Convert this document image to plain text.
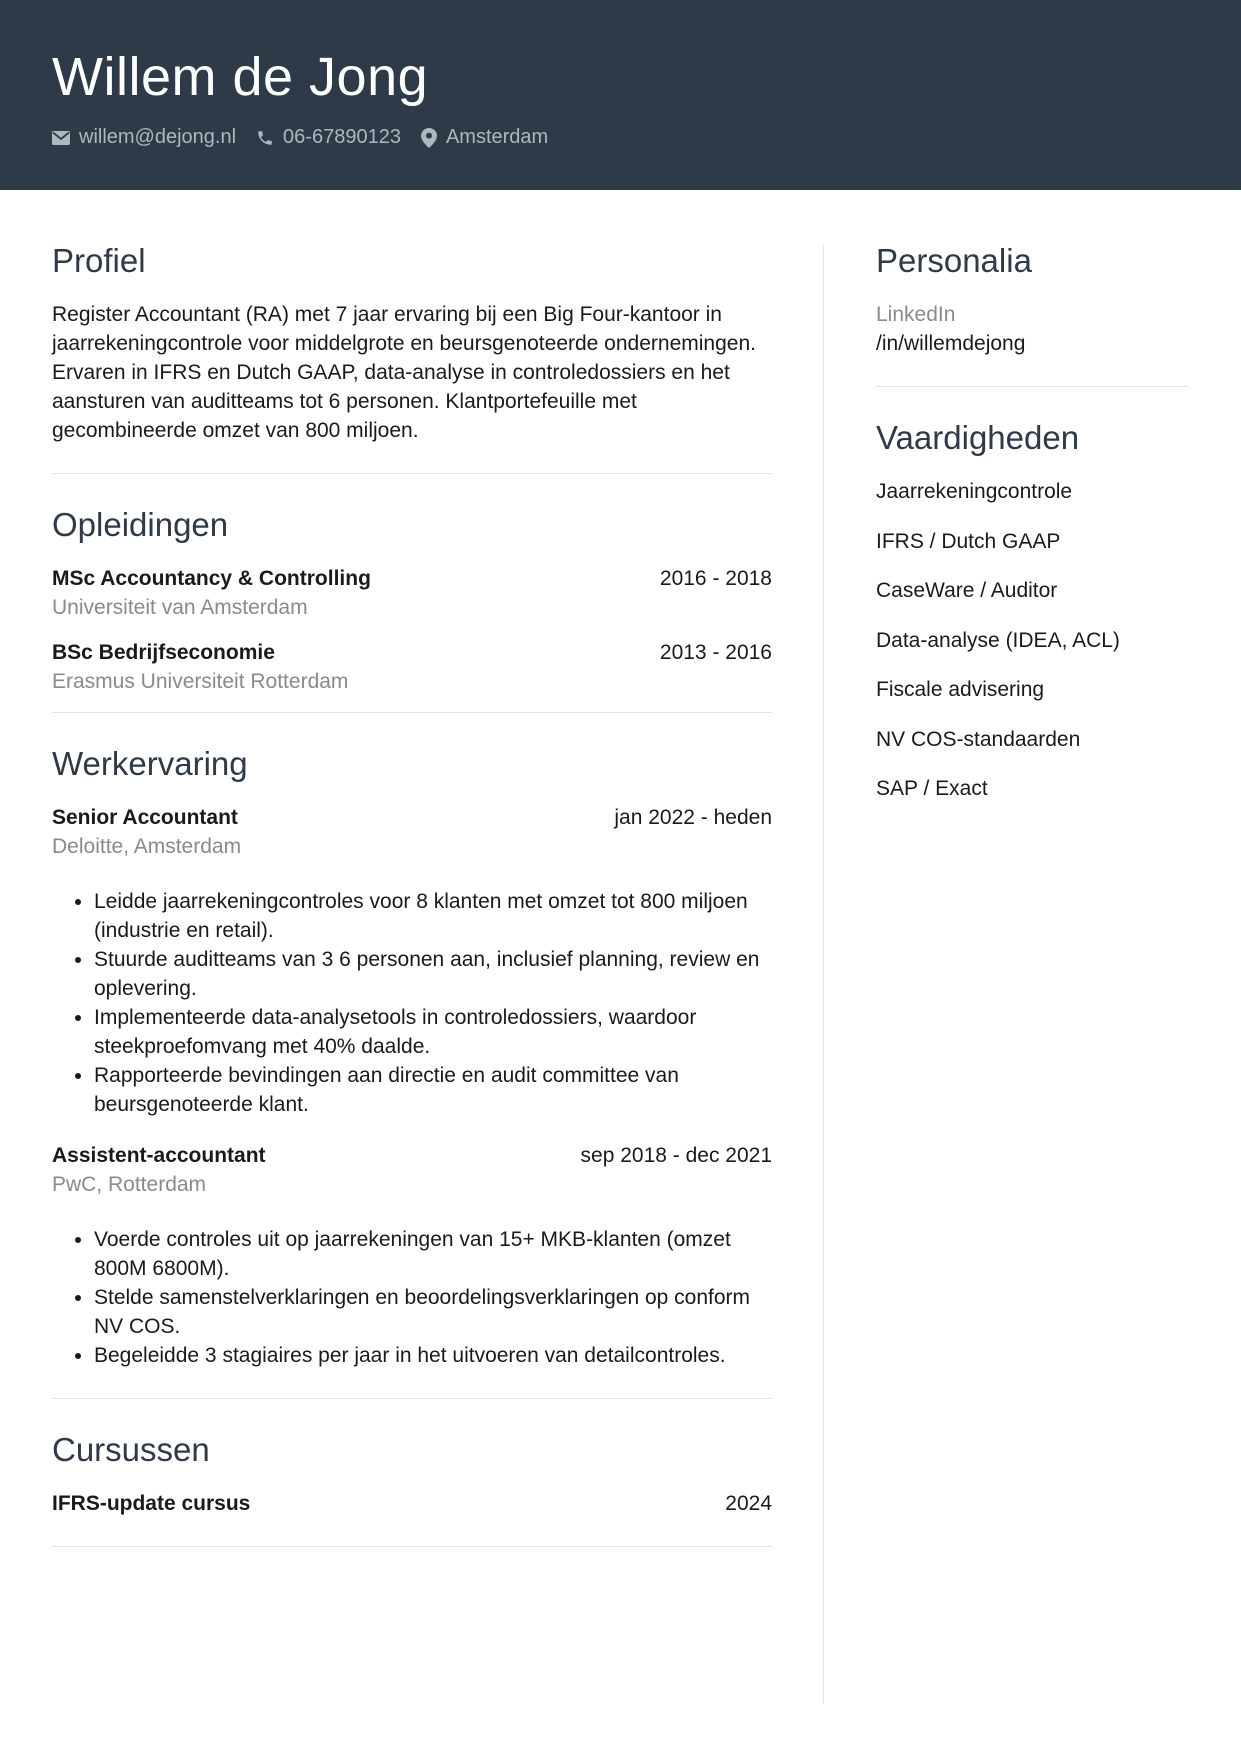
Willem de Jong
willem@dejong.nl 06-67890123 Amsterdam
Profiel

Register Accountant (RA) met 7 jaar ervaring bij een Big Four-kantoor in jaarrekeningcontrole voor middelgrote en beursgenoteerde ondernemingen. Ervaren in IFRS en Dutch GAAP, data-analyse in controledossiers en het aansturen van auditteams tot 6 personen. Klantportefeuille met gecombineerde omzet van 800 miljoen.

Opleidingen
MSc Accountancy & Controlling	2016 - 2018
Universiteit van Amsterdam
BSc Bedrijfseconomie	2013 - 2016
Erasmus Universiteit Rotterdam
Werkervaring
Senior Accountant	jan 2022 - heden
Deloitte, Amsterdam
• Leidde jaarrekeningcontroles voor 8 klanten met omzet tot 800 miljoen (industrie en retail).
• Stuurde auditteams van 3 6 personen aan, inclusief planning, review en oplevering.
• Implementeerde data-analysetools in controledossiers, waardoor steekproefomvang met 40% daalde.
• Rapporteerde bevindingen aan directie en audit committee van beursgenoteerde klant.
Assistent-accountant	sep 2018 - dec 2021
PwC, Rotterdam
• Voerde controles uit op jaarrekeningen van 15+ MKB-klanten (omzet 800M 6800M).
• Stelde samenstelverklaringen en beoordelingsverklaringen op conform NV COS.
• Begeleidde 3 stagiaires per jaar in het uitvoeren van detailcontroles.
Cursussen
IFRS-update cursus	2024
Personalia
LinkedIn
/in/willemdejong
Vaardigheden
Jaarrekeningcontrole
IFRS / Dutch GAAP
CaseWare / Auditor
Data-analyse (IDEA, ACL)
Fiscale advisering
NV COS-standaarden
SAP / Exact
